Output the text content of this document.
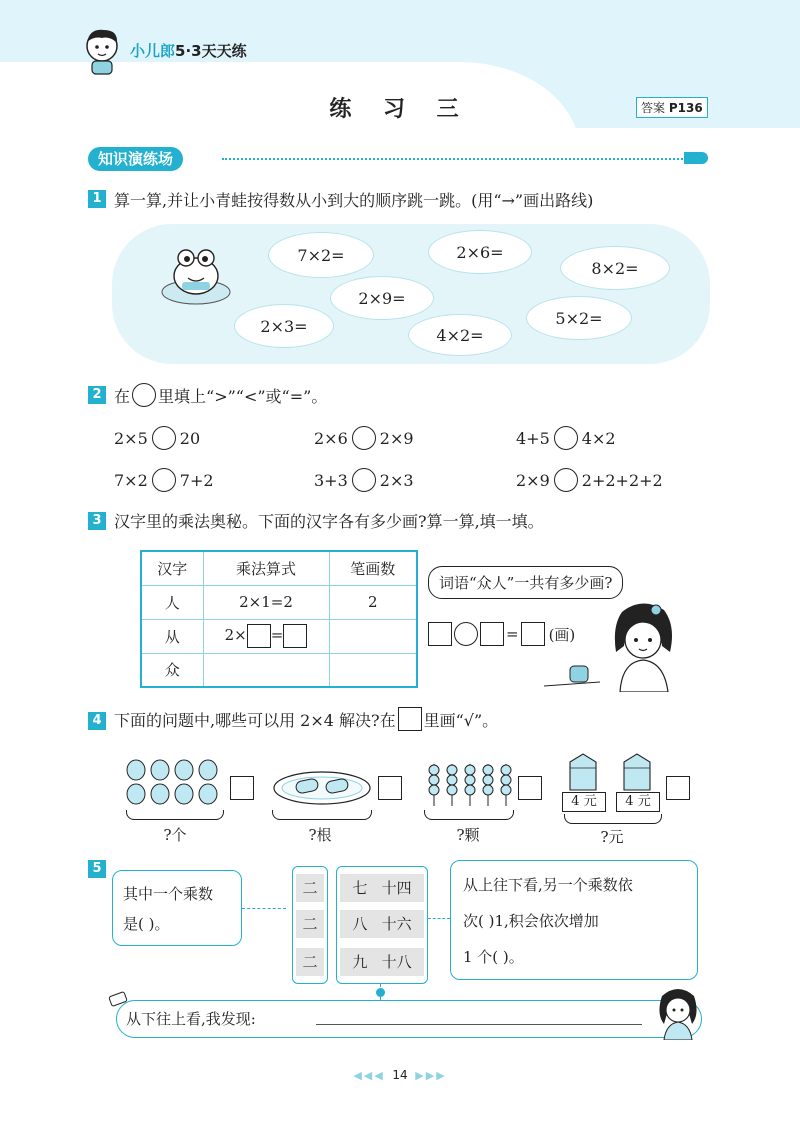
小儿郎5·3天天练
练 习 三	答案 P136
知识演练场
1 算一算,并让小青蛙按得数从小到大的顺序跳一跳。(用“→”画出路线)
7×2=	2×6=
8×2=
2×9=
2×3=	4×2=
5×2=
2 在 里填上“>”“<”或“=”。
2×5 20	2×6 2×9	4+5 4×2
7×2 7+2	3+3 2×3	2×9 2+2+2+2
3 汉字里的乘法奥秘。下面的汉字各有多少画?算一算,填一填。
汉字	乘法算式	笔画数
人	2×1=2	2
从	2× =	
众		
词语“众人”一共有多少画?
= (画)
4 下面的问题中,哪些可以用 2×4 解决?在 里画“√”。
?个	?根	?颗
4 元	4 元
?元
5
其中一个乘数
是( )。
二	七 十四
二	八 十六
二	九 十八
从上往下看,另一个乘数依
次( )1,积会依次增加
1 个( )。
从下往上看,我发现:
◀◀◀ 14 ▶▶▶
